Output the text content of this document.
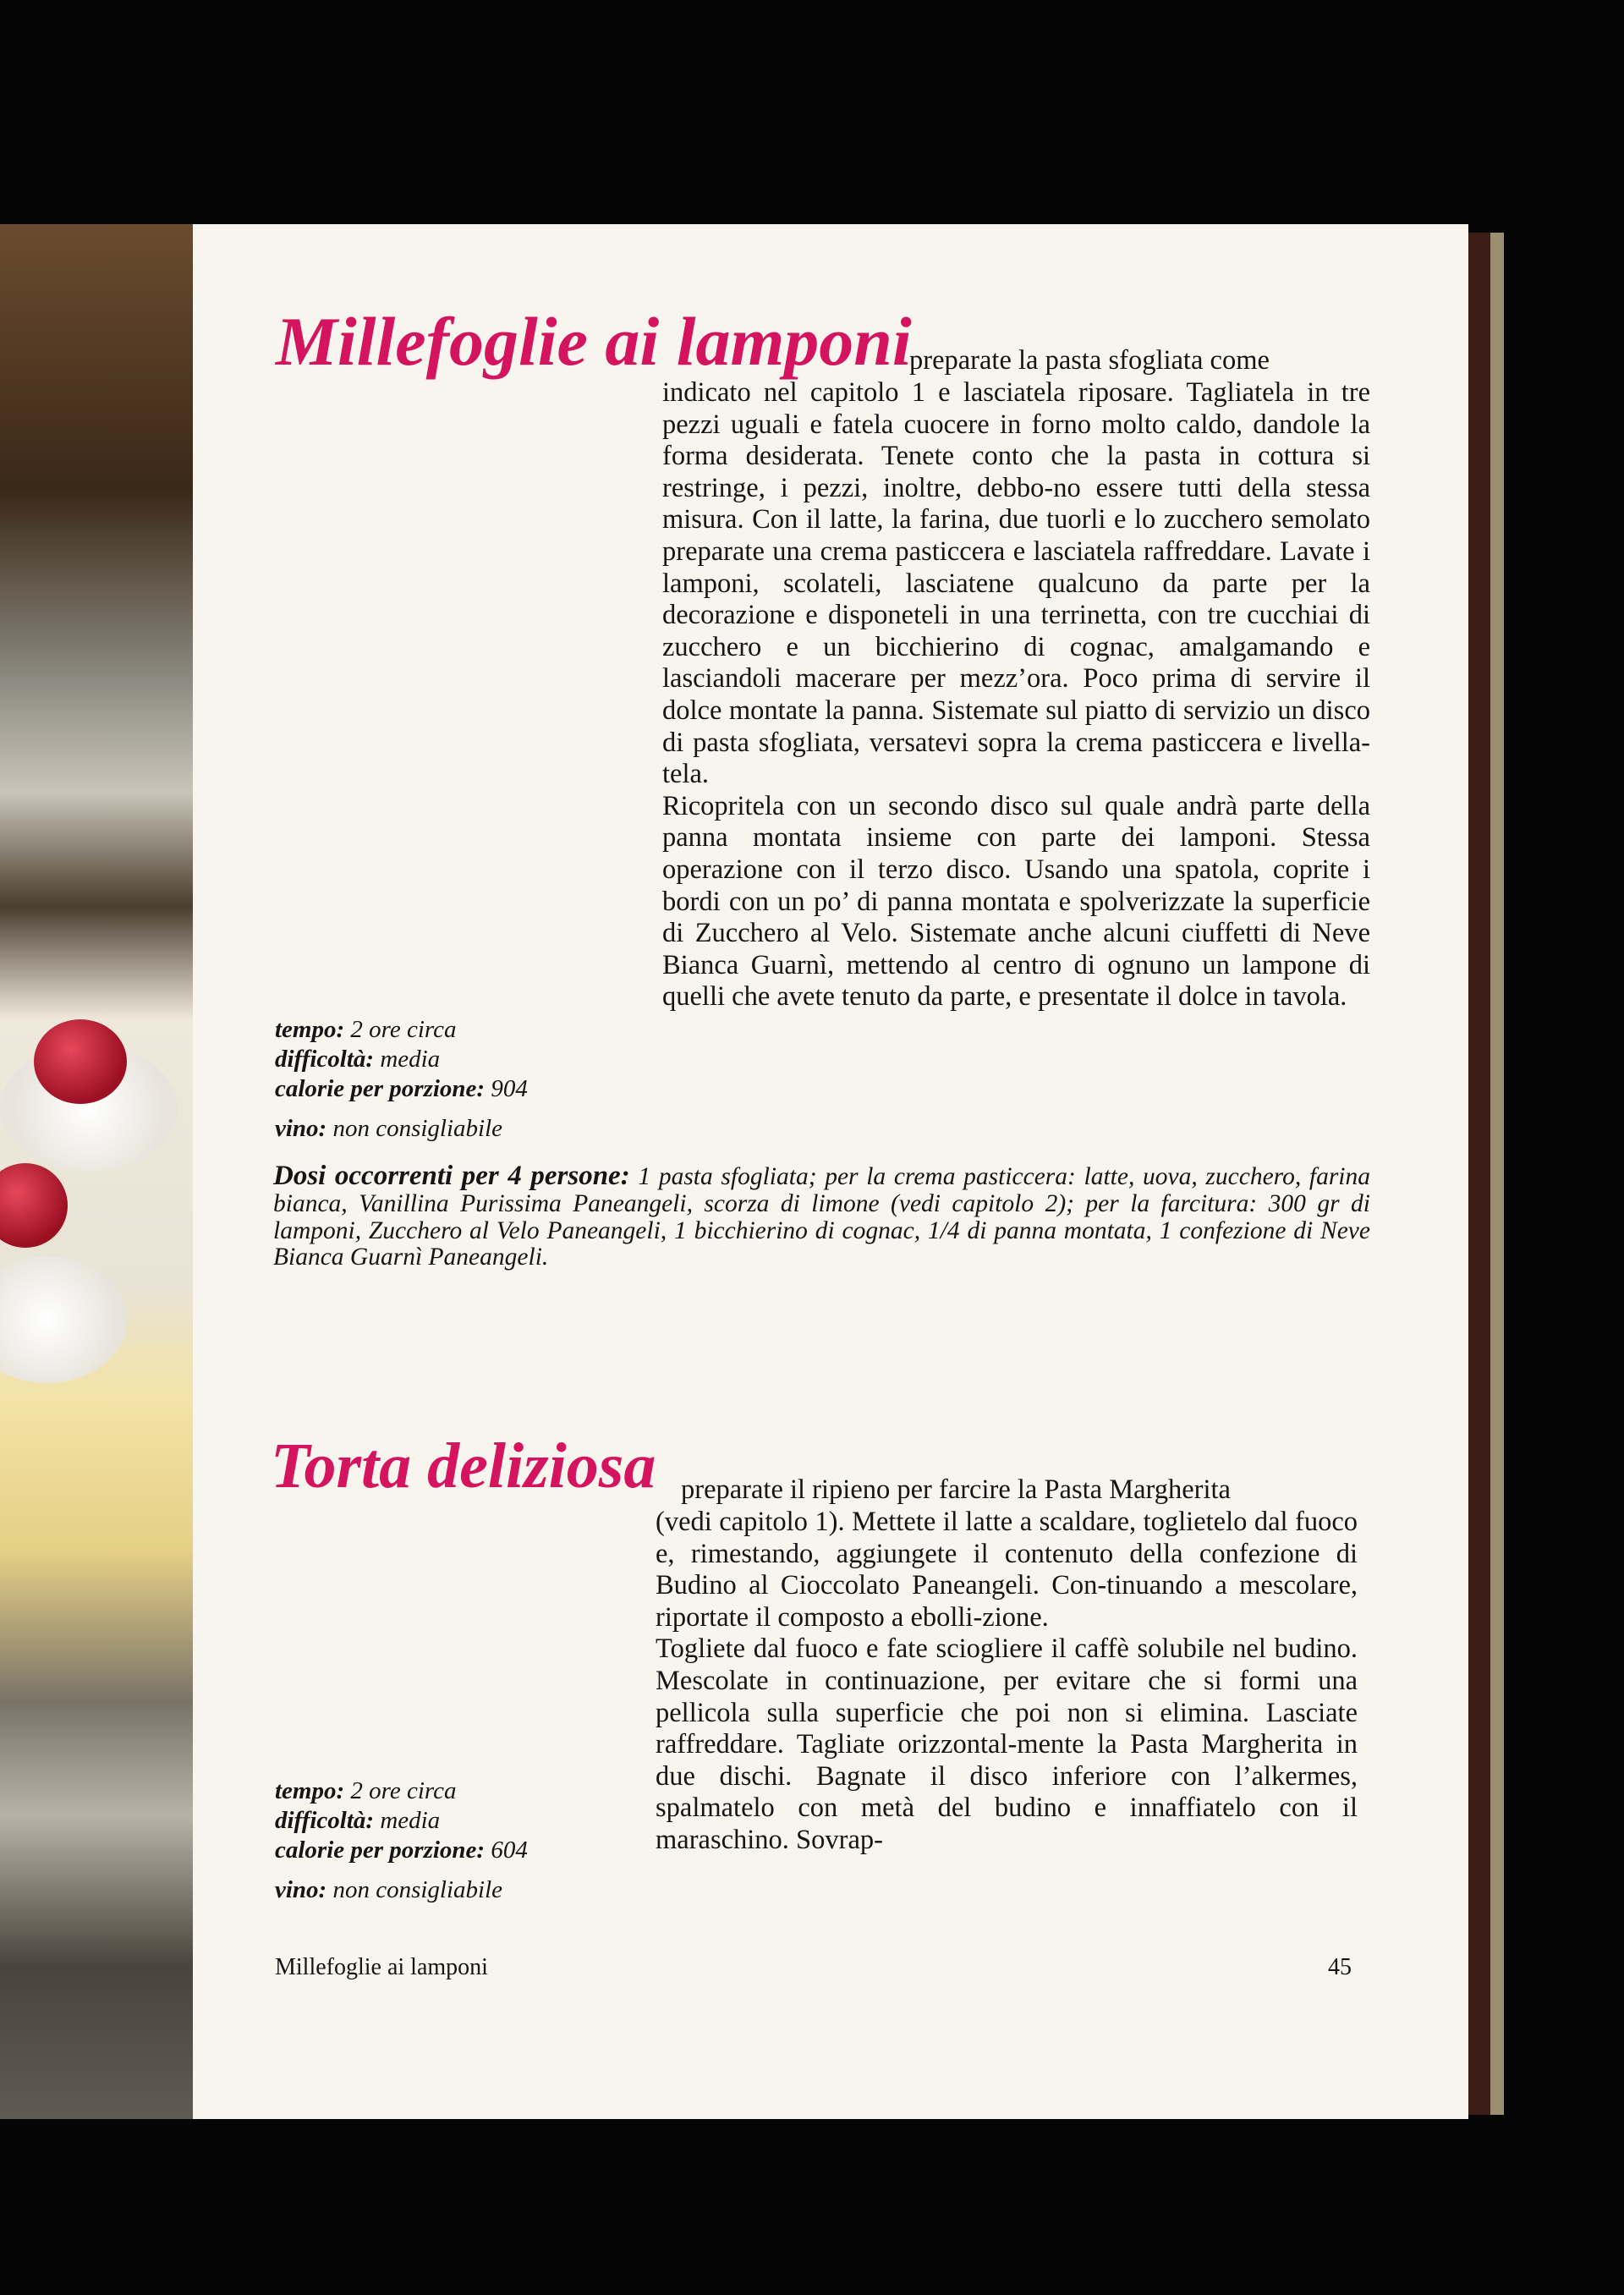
Millefoglie ai lamponi
preparate la pasta sfogliata come

indicato nel capitolo 1 e lasciatela riposare. Tagliatela in tre pezzi uguali e fatela cuocere in forno molto caldo, dandole la forma desiderata. Tenete conto che la pasta in cottura si restringe, i pezzi, inoltre, debbo-no essere tutti della stessa misura. Con il latte, la farina, due tuorli e lo zucchero semolato preparate una crema pasticcera e lasciatela raffreddare. Lavate i lamponi, scolateli, lasciatene qualcuno da parte per la decorazione e disponeteli in una terrinetta, con tre cucchiai di zucchero e un bicchierino di cognac, amalgamando e lasciandoli macerare per mezz’ora. Poco prima di servire il dolce montate la panna. Sistemate sul piatto di servizio un disco di pasta sfogliata, versatevi sopra la crema pasticcera e livella-tela.

Ricopritela con un secondo disco sul quale andrà parte della panna montata insieme con parte dei lamponi. Stessa operazione con il terzo disco. Usando una spatola, coprite i bordi con un po’ di panna montata e spolverizzate la superficie di Zucchero al Velo. Sistemate anche alcuni ciuffetti di Neve Bianca Guarnì, mettendo al centro di ognuno un lampone di quelli che avete tenuto da parte, e presentate il dolce in tavola.

tempo: 2 ore circa
difficoltà: media
calorie per porzione: 904
vino: non consigliabile

Dosi occorrenti per 4 persone: 1 pasta sfogliata; per la crema pasticcera: latte, uova, zucchero, farina bianca, Vanillina Purissima Paneangeli, scorza di limone (vedi capitolo 2); per la farcitura: 300 gr di lamponi, Zucchero al Velo Paneangeli, 1 bicchierino di cognac, 1/4 di panna montata, 1 confezione di Neve Bianca Guarnì Paneangeli.

Torta deliziosa preparate il ripieno per farcire la Pasta Margherita

(vedi capitolo 1). Mettete il latte a scaldare, toglietelo dal fuoco e, rimestando, aggiungete il contenuto della confezione di Budino al Cioccolato Paneangeli. Con-tinuando a mescolare, riportate il composto a ebolli-zione.

Togliete dal fuoco e fate sciogliere il caffè solubile nel budino. Mescolate in continuazione, per evitare che si formi una pellicola sulla superficie che poi non si elimina. Lasciate raffreddare. Tagliate orizzontal-mente la Pasta Margherita in due dischi. Bagnate il disco inferiore con l’alkermes, spalmatelo con metà del budino e innaffiatelo con il maraschino. Sovrap-

tempo: 2 ore circa
difficoltà: media
calorie per porzione: 604
vino: non consigliabile
Millefoglie ai lamponi	45
